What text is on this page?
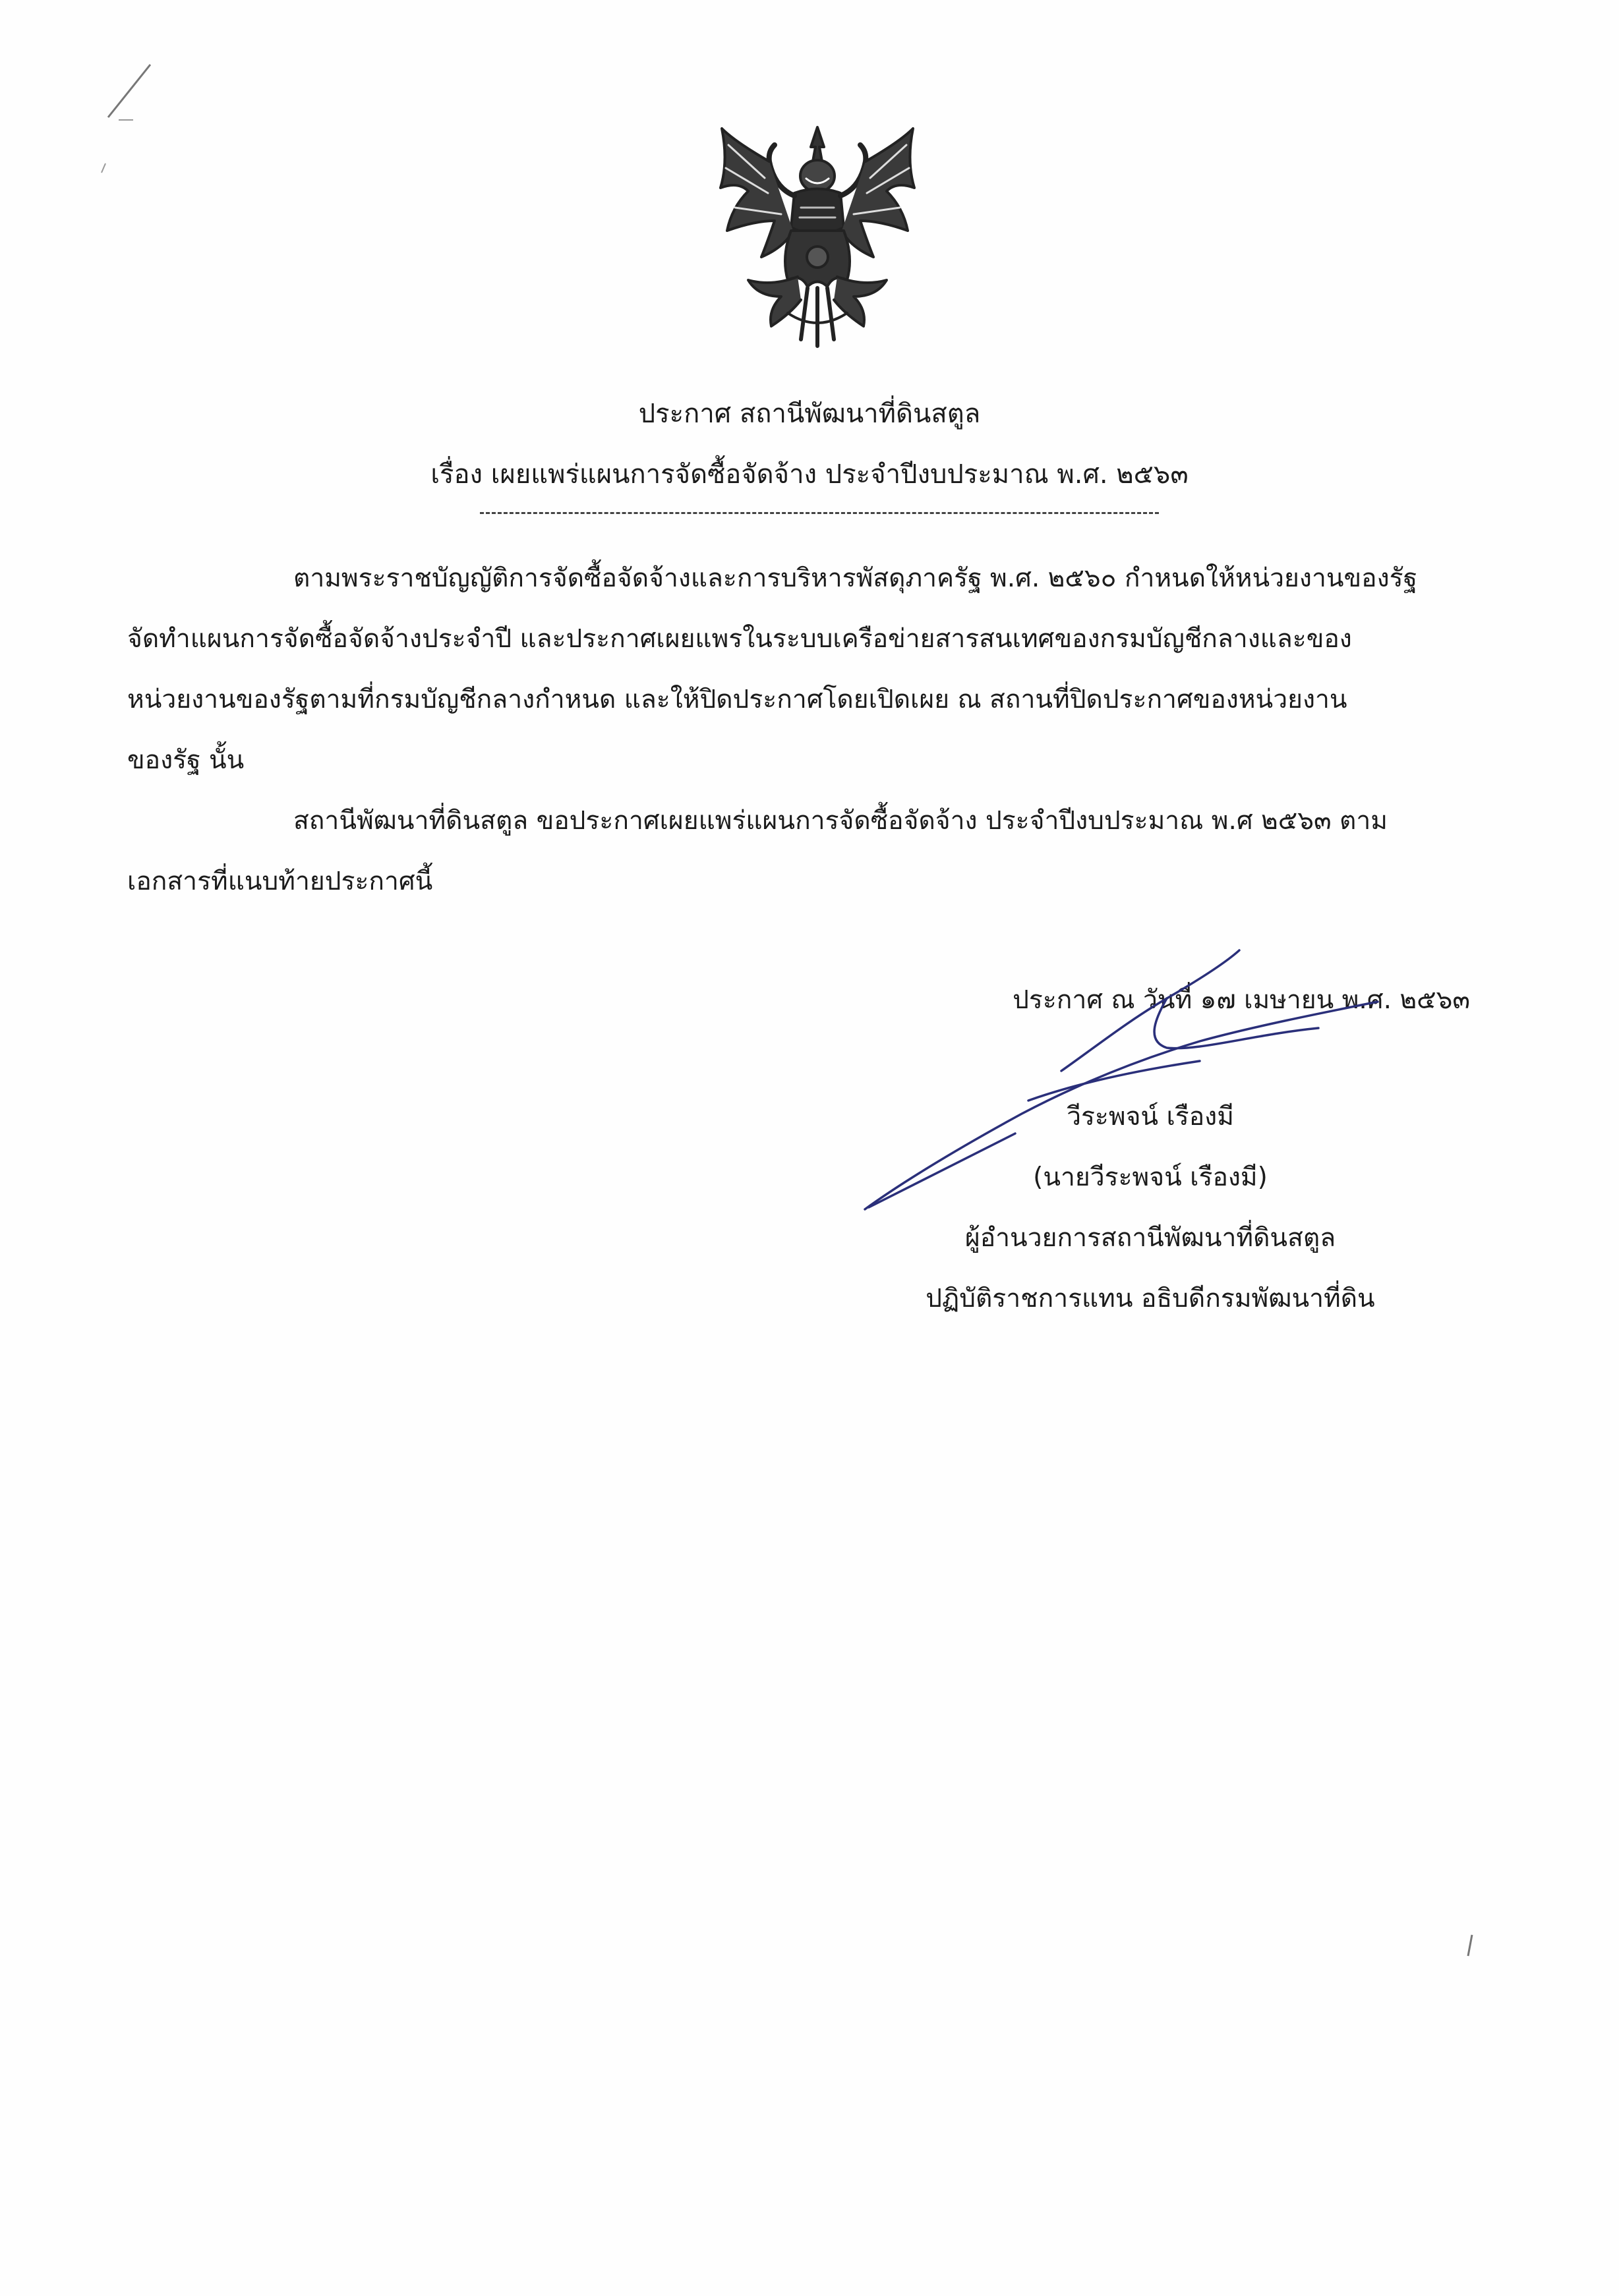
ประกาศ สถานีพัฒนาที่ดินสตูล
เรื่อง เผยแพร่แผนการจัดซื้อจัดจ้าง ประจำปีงบประมาณ พ.ศ. ๒๕๖๓
ตามพระราชบัญญัติการจัดซื้อจัดจ้างและการบริหารพัสดุภาครัฐ พ.ศ. ๒๕๖๐ กำหนดให้หน่วยงานของรัฐ
จัดทำแผนการจัดซื้อจัดจ้างประจำปี และประกาศเผยแพรในระบบเครือข่ายสารสนเทศของกรมบัญชีกลางและของ
หน่วยงานของรัฐตามที่กรมบัญชีกลางกำหนด และให้ปิดประกาศโดยเปิดเผย ณ สถานที่ปิดประกาศของหน่วยงาน
ของรัฐ นั้น
สถานีพัฒนาที่ดินสตูล ขอประกาศเผยแพร่แผนการจัดซื้อจัดจ้าง ประจำปีงบประมาณ พ.ศ ๒๕๖๓ ตาม
เอกสารที่แนบท้ายประกาศนี้
ประกาศ ณ วันที่ ๑๗ เมษายน พ.ศ. ๒๕๖๓
วีระพจน์ เรืองมี
(นายวีระพจน์ เรืองมี)
ผู้อำนวยการสถานีพัฒนาที่ดินสตูล
ปฏิบัติราชการแทน อธิบดีกรมพัฒนาที่ดิน
